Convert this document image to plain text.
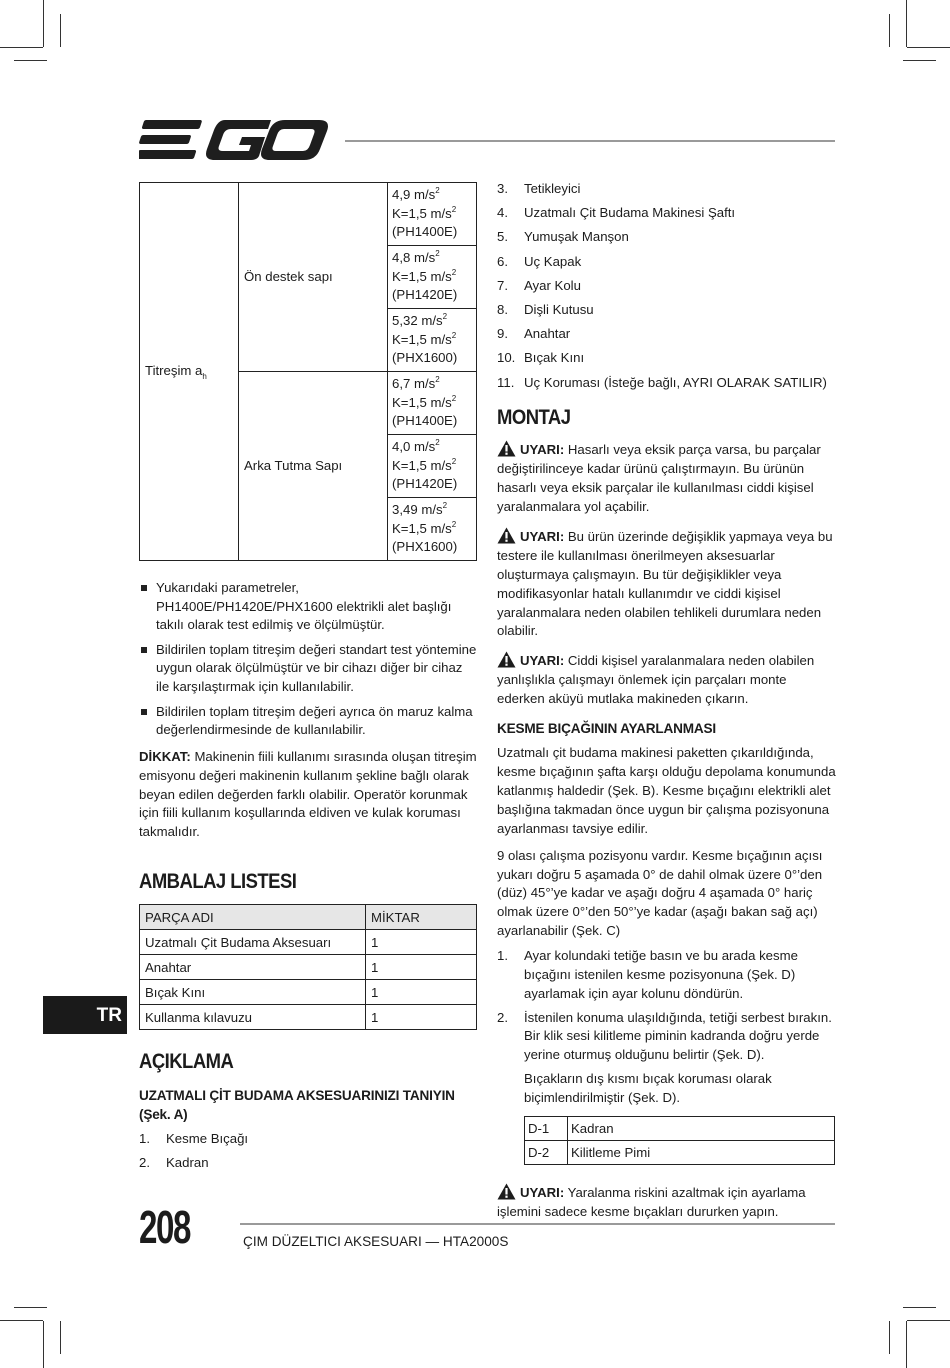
Titreşim $a_h$	Ön destek sapı	4,9 $m/s^2$
K=1,5 $m/s^2$
(PH1400E)
		4,8 $m/s^2$
K=1,5 $m/s^2$
(PH1420E)
		5,32 $m/s^2$
K=1,5 $m/s^2$
(PHX1600)
	Arka Tutma Sapı	6,7 $m/s^2$
K=1,5 $m/s^2$
(PH1400E)
		4,0 $m/s^2$
K=1,5 $m/s^2$
(PH1420E)
		3,49 $m/s^2$
K=1,5 $m/s^2$
(PHX1600)
Yukarıdaki parametreler, PH1400E/PH1420E/PHX1600 elektrikli alet başlığı takılı olarak test edilmiş ve ölçülmüştür.
Bildirilen toplam titreşim değeri standart test yöntemine uygun olarak ölçülmüştür ve bir cihazı diğer bir cihaz ile karşılaştırmak için kullanılabilir.
Bildirilen toplam titreşim değeri ayrıca ön maruz kalma değerlendirmesinde de kullanılabilir.

DİKKAT: Makinenin fiili kullanımı sırasında oluşan titreşim emisyonu değeri makinenin kullanım şekline bağlı olarak beyan edilen değerden farklı olabilir. Operatör korunmak için fiili kullanım koşullarında eldiven ve kulak koruması takmalıdır.

AMBALAJ LISTESI
PARÇA ADI	MİKTAR
Uzatmalı Çit Budama Aksesuarı	1
Anahtar	1
Bıçak Kını	1
Kullanma kılavuzu	1
AÇIKLAMA
UZATMALI ÇİT BUDAMA AKSESUARINIZI TANIYIN (Şek. A)
1. Kesme Bıçağı
2. Kadran
TR
3. Tetikleyici
4. Uzatmalı Çit Budama Makinesi Şaftı
5. Yumuşak Manşon
6. Uç Kapak
7. Ayar Kolu
8. Dişli Kutusu
9. Anahtar
10. Bıçak Kını
11. Uç Koruması (İsteğe bağlı, AYRI OLARAK SATILIR)
MONTAJ

UYARI: Hasarlı veya eksik parça varsa, bu parçalar değiştirilinceye kadar ürünü çalıştırmayın. Bu ürünün hasarlı veya eksik parçalar ile kullanılması ciddi kişisel yaralanmalara yol açabilir.

UYARI: Bu ürün üzerinde değişiklik yapmaya veya bu testere ile kullanılması önerilmeyen aksesuarlar oluşturmaya çalışmayın. Bu tür değişiklikler veya modifikasyonlar hatalı kullanımdır ve ciddi kişisel yaralanmalara neden olabilen tehlikeli durumlara neden olabilir.

UYARI: Ciddi kişisel yaralanmalara neden olabilen yanlışlıkla çalışmayı önlemek için parçaları monte ederken aküyü mutlaka makineden çıkarın.

KESME BIÇAĞININ AYARLANMASI

Uzatmalı çit budama makinesi paketten çıkarıldığında, kesme bıçağının şafta karşı olduğu depolama konumunda katlanmış haldedir (Şek. B). Kesme bıçağını elektrikli alet başlığına takmadan önce uygun bir çalışma pozisyonuna ayarlanması tavsiye edilir.

9 olası çalışma pozisyonu vardır. Kesme bıçağının açısı yukarı doğru 5 aşamada 0° de dahil olmak üzere 0°’den (düz) 45°’ye kadar ve aşağı doğru 4 aşamada 0° hariç olmak üzere 0°’den 50°’ye kadar (aşağı bakan sağ açı) ayarlanabilir (Şek. C)

1. Ayar kolundaki tetiğe basın ve bu arada kesme bıçağını istenilen kesme pozisyonuna (Şek. D) ayarlamak için ayar kolunu döndürün.
2. İstenilen konuma ulaşıldığında, tetiği serbest bırakın. Bir klik sesi kilitleme piminin kadranda doğru yerde yerine oturmuş olduğunu belirtir (Şek. D).

Bıçakların dış kısmı bıçak koruması olarak biçimlendirilmiştir (Şek. D).

D-1	Kadran
D-2	Kilitleme Pimi

UYARI: Yaralanma riskini azaltmak için ayarlama işlemini sadece kesme bıçakları dururken yapın.

208	ÇIM DÜZELTICI AKSESUARI — HTA2000S
